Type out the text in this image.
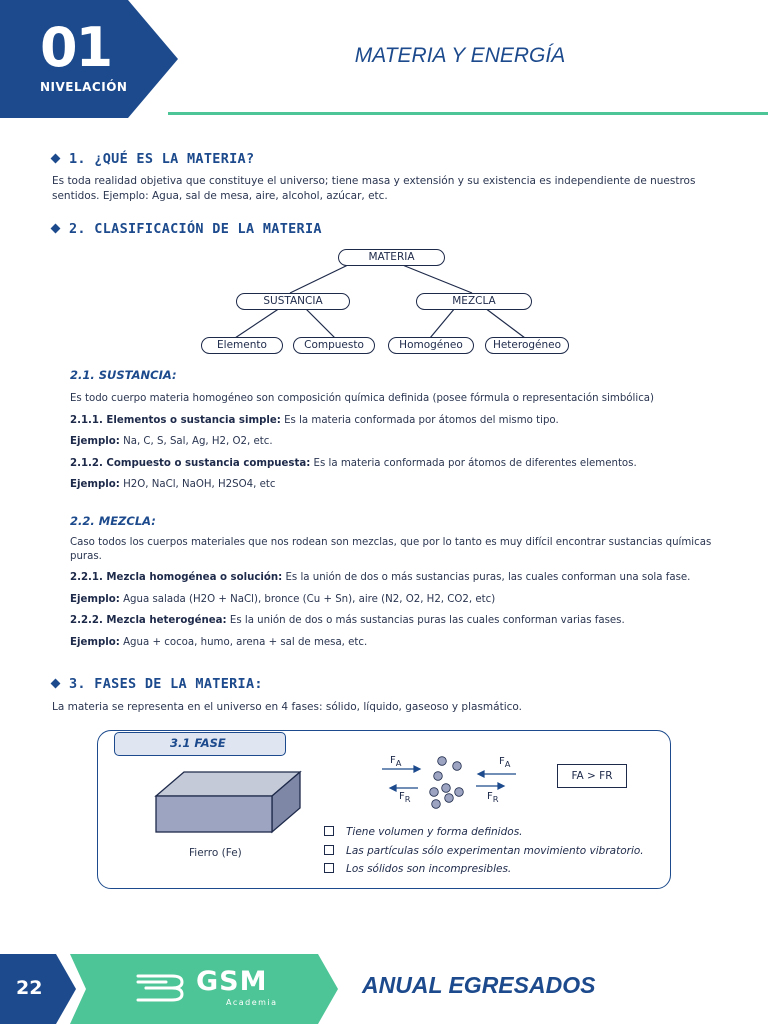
01
NIVELACIÓN
MATERIA Y ENERGÍA
1. ¿QUÉ ES LA MATERIA?
Es toda realidad objetiva que constituye el universo; tiene masa y extensión y su existencia es independiente de nuestros sentidos. Ejemplo: Agua, sal de mesa, aire, alcohol, azúcar, etc.
2. CLASIFICACIÓN DE LA MATERIA
MATERIA
SUSTANCIA	MEZCLA
Elemento	Compuesto	Homogéneo	Heterogéneo
2.1. SUSTANCIA:
Es todo cuerpo materia homogéneo son composición química definida (posee fórmula o representación simbólica)
2.1.1. Elementos o sustancia simple: Es la materia conformada por átomos del mismo tipo.
Ejemplo: Na, C, S, Sal, Ag, H2, O2, etc.
2.1.2. Compuesto o sustancia compuesta: Es la materia conformada por átomos de diferentes elementos.
Ejemplo: H2O, NaCl, NaOH, H2SO4, etc
2.2. MEZCLA:
Caso todos los cuerpos materiales que nos rodean son mezclas, que por lo tanto es muy difícil encontrar sustancias químicas puras.
2.2.1. Mezcla homogénea o solución: Es la unión de dos o más sustancias puras, las cuales conforman una sola fase.
Ejemplo: Agua salada (H2O + NaCl), bronce (Cu + Sn), aire (N2, O2, H2, CO2, etc)
2.2.2. Mezcla heterogénea: Es la unión de dos o más sustancias puras las cuales conforman varias fases.
Ejemplo: Agua + cocoa, humo, arena + sal de mesa, etc.
3. FASES DE LA MATERIA:
La materia se representa en el universo en 4 fases: sólido, líquido, gaseoso y plasmático.
3.1 FASE
Fierro (Fe)
$F_A$	$F_A$
$F_R$	$F_R$
FA > FR
Tiene volumen y forma definidos.
Las partículas sólo experimentan movimiento vibratorio.
Los sólidos son incompresibles.
22	GSM
Academia
ANUAL EGRESADOS
